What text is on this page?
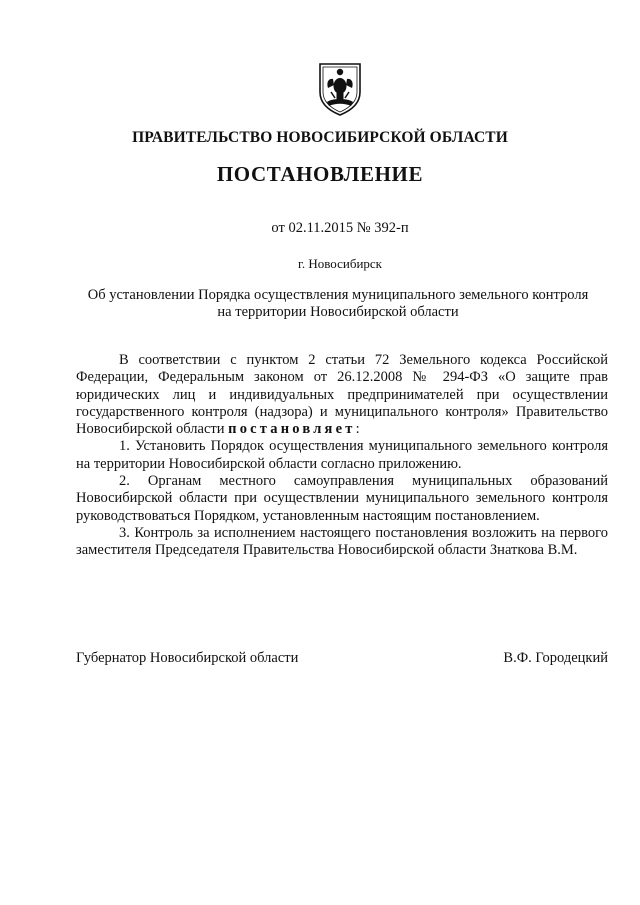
ПРАВИТЕЛЬСТВО НОВОСИБИРСКОЙ ОБЛАСТИ
ПОСТАНОВЛЕНИЕ
от 02.11.2015 № 392-п
г. Новосибирск
Об установлении Порядка осуществления муниципального земельного контроля
на территории Новосибирской области

В соответствии с пунктом 2 статьи 72 Земельного кодекса Российской Федерации, Федеральным законом от 26.12.2008 № 294-ФЗ «О защите прав юридических лиц и индивидуальных предпринимателей при осуществлении государственного контроля (надзора) и муниципального контроля» Правительство Новосибирской области постановляет:

1. Установить Порядок осуществления муниципального земельного контроля на территории Новосибирской области согласно приложению.

2. Органам местного самоуправления муниципальных образований Новосибирской области при осуществлении муниципального земельного контроля руководствоваться Порядком, установленным настоящим постановлением.

3. Контроль за исполнением настоящего постановления возложить на первого заместителя Председателя Правительства Новосибирской области Знаткова В.М.

Губернатор Новосибирской области	В.Ф. Городецкий
